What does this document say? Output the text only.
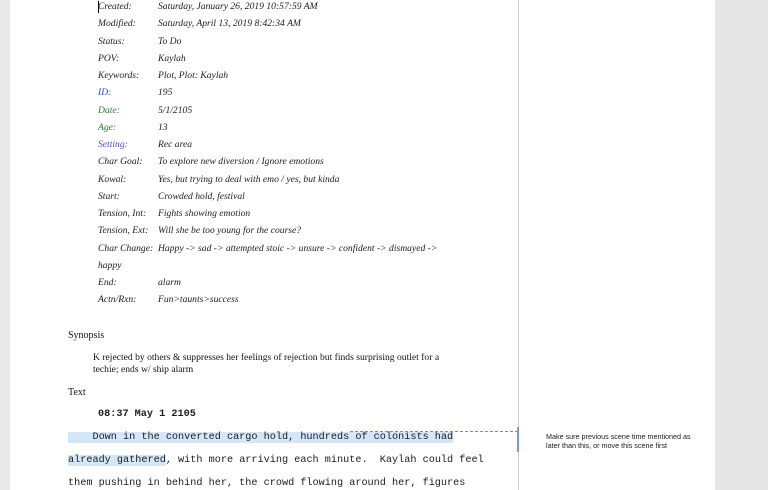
Created:	Saturday, January 26, 2019 10:57:59 AM
Modified: Saturday, April 13, 2019 8:42:34 AM
Status:	To Do
POV:	Kaylah
Keywords: Plot, Plot: Kaylah
ID:	195
Date:	5/1/2105
Age:	13
Setting:	Rec area
Char Goal: To explore new diversion / Ignore emotions
Kowal:	Yes, but trying to deal with emo / yes, but kinda
Start:	Crowded hold, festival
Tension, Int: Fights showing emotion
Tension, Ext: Will she be too young for the course?
Char Change: Happy -> sad -> attempted stoic -> unsure -> confident -> dismayed ->
happy
End:	alarm
Actn/Rxn: Fun>taunts>success
Synopsis
K rejected by others & suppresses her feelings of rejection but finds surprising outlet for a techie; ends w/ ship alarm
Text
08:37 May 1 2105
Down in the converted cargo hold, hundreds of colonists had
already gathered, with more arriving each minute.  Kaylah could feel
them pushing in behind her, the crowd flowing around her, figures
Make sure previous scene time mentioned as later than this, or move this scene first
